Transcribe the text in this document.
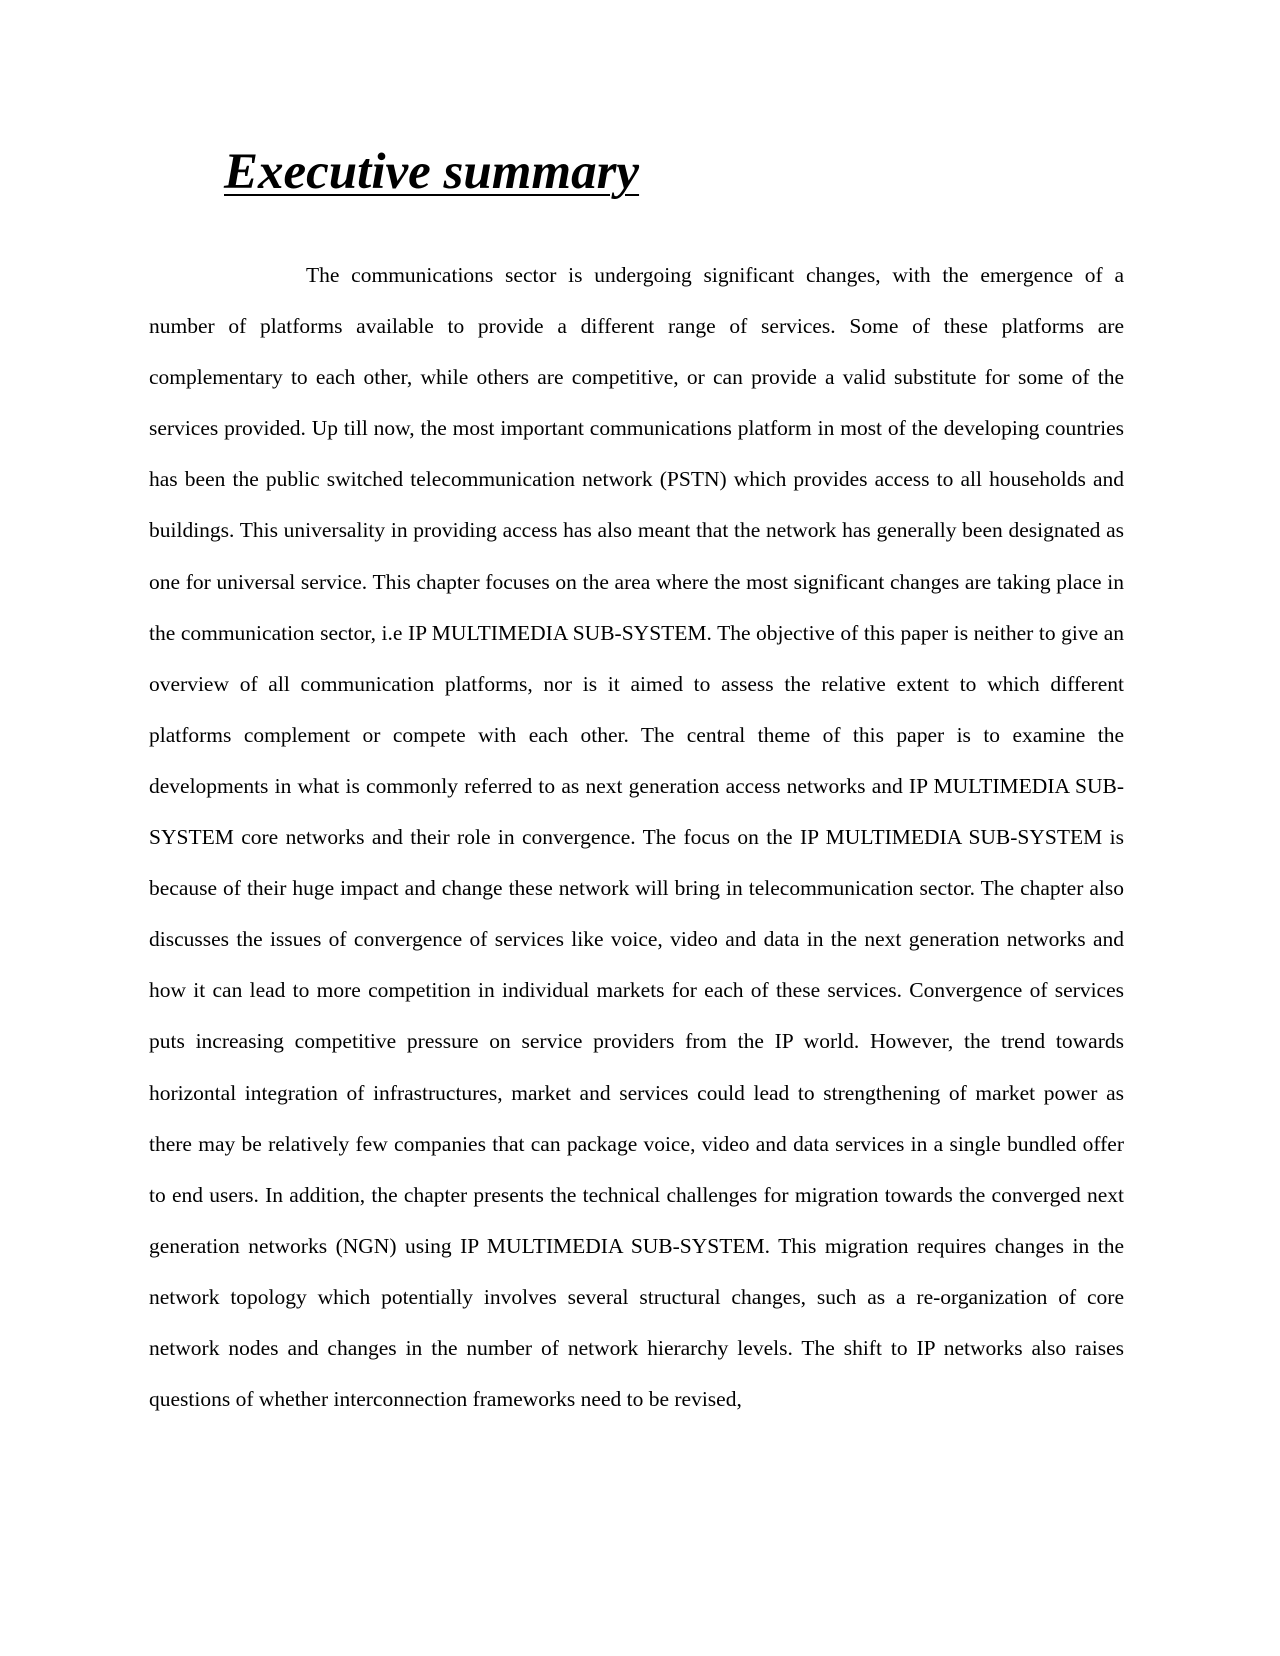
Executive summary

The communications sector is undergoing significant changes, with the emergence of a number of platforms available to provide a different range of services. Some of these platforms are complementary to each other, while others are competitive, or can provide a valid substitute for some of the services provided. Up till now, the most important communications platform in most of the developing countries has been the public switched telecommunication network (PSTN) which provides access to all households and buildings. This universality in providing access has also meant that the network has generally been designated as one for universal service. This chapter focuses on the area where the most significant changes are taking place in the communication sector, i.e IP MULTIMEDIA SUB-SYSTEM. The objective of this paper is neither to give an overview of all communication platforms, nor is it aimed to assess the relative extent to which different platforms complement or compete with each other. The central theme of this paper is to examine the developments in what is commonly referred to as next generation access networks and IP MULTIMEDIA SUB-SYSTEM core networks and their role in convergence. The focus on the IP MULTIMEDIA SUB-SYSTEM is because of their huge impact and change these network will bring in telecommunication sector. The chapter also discusses the issues of convergence of services like voice, video and data in the next generation networks and how it can lead to more competition in individual markets for each of these services. Convergence of services puts increasing competitive pressure on service providers from the IP world. However, the trend towards horizontal integration of infrastructures, market and services could lead to strengthening of market power as there may be relatively few companies that can package voice, video and data services in a single bundled offer to end users. In addition, the chapter presents the technical challenges for migration towards the converged next generation networks (NGN) using IP MULTIMEDIA SUB-SYSTEM. This migration requires changes in the network topology which potentially involves several structural changes, such as a re-organization of core network nodes and changes in the number of network hierarchy levels. The shift to IP networks also raises questions of whether interconnection frameworks need to be revised,
